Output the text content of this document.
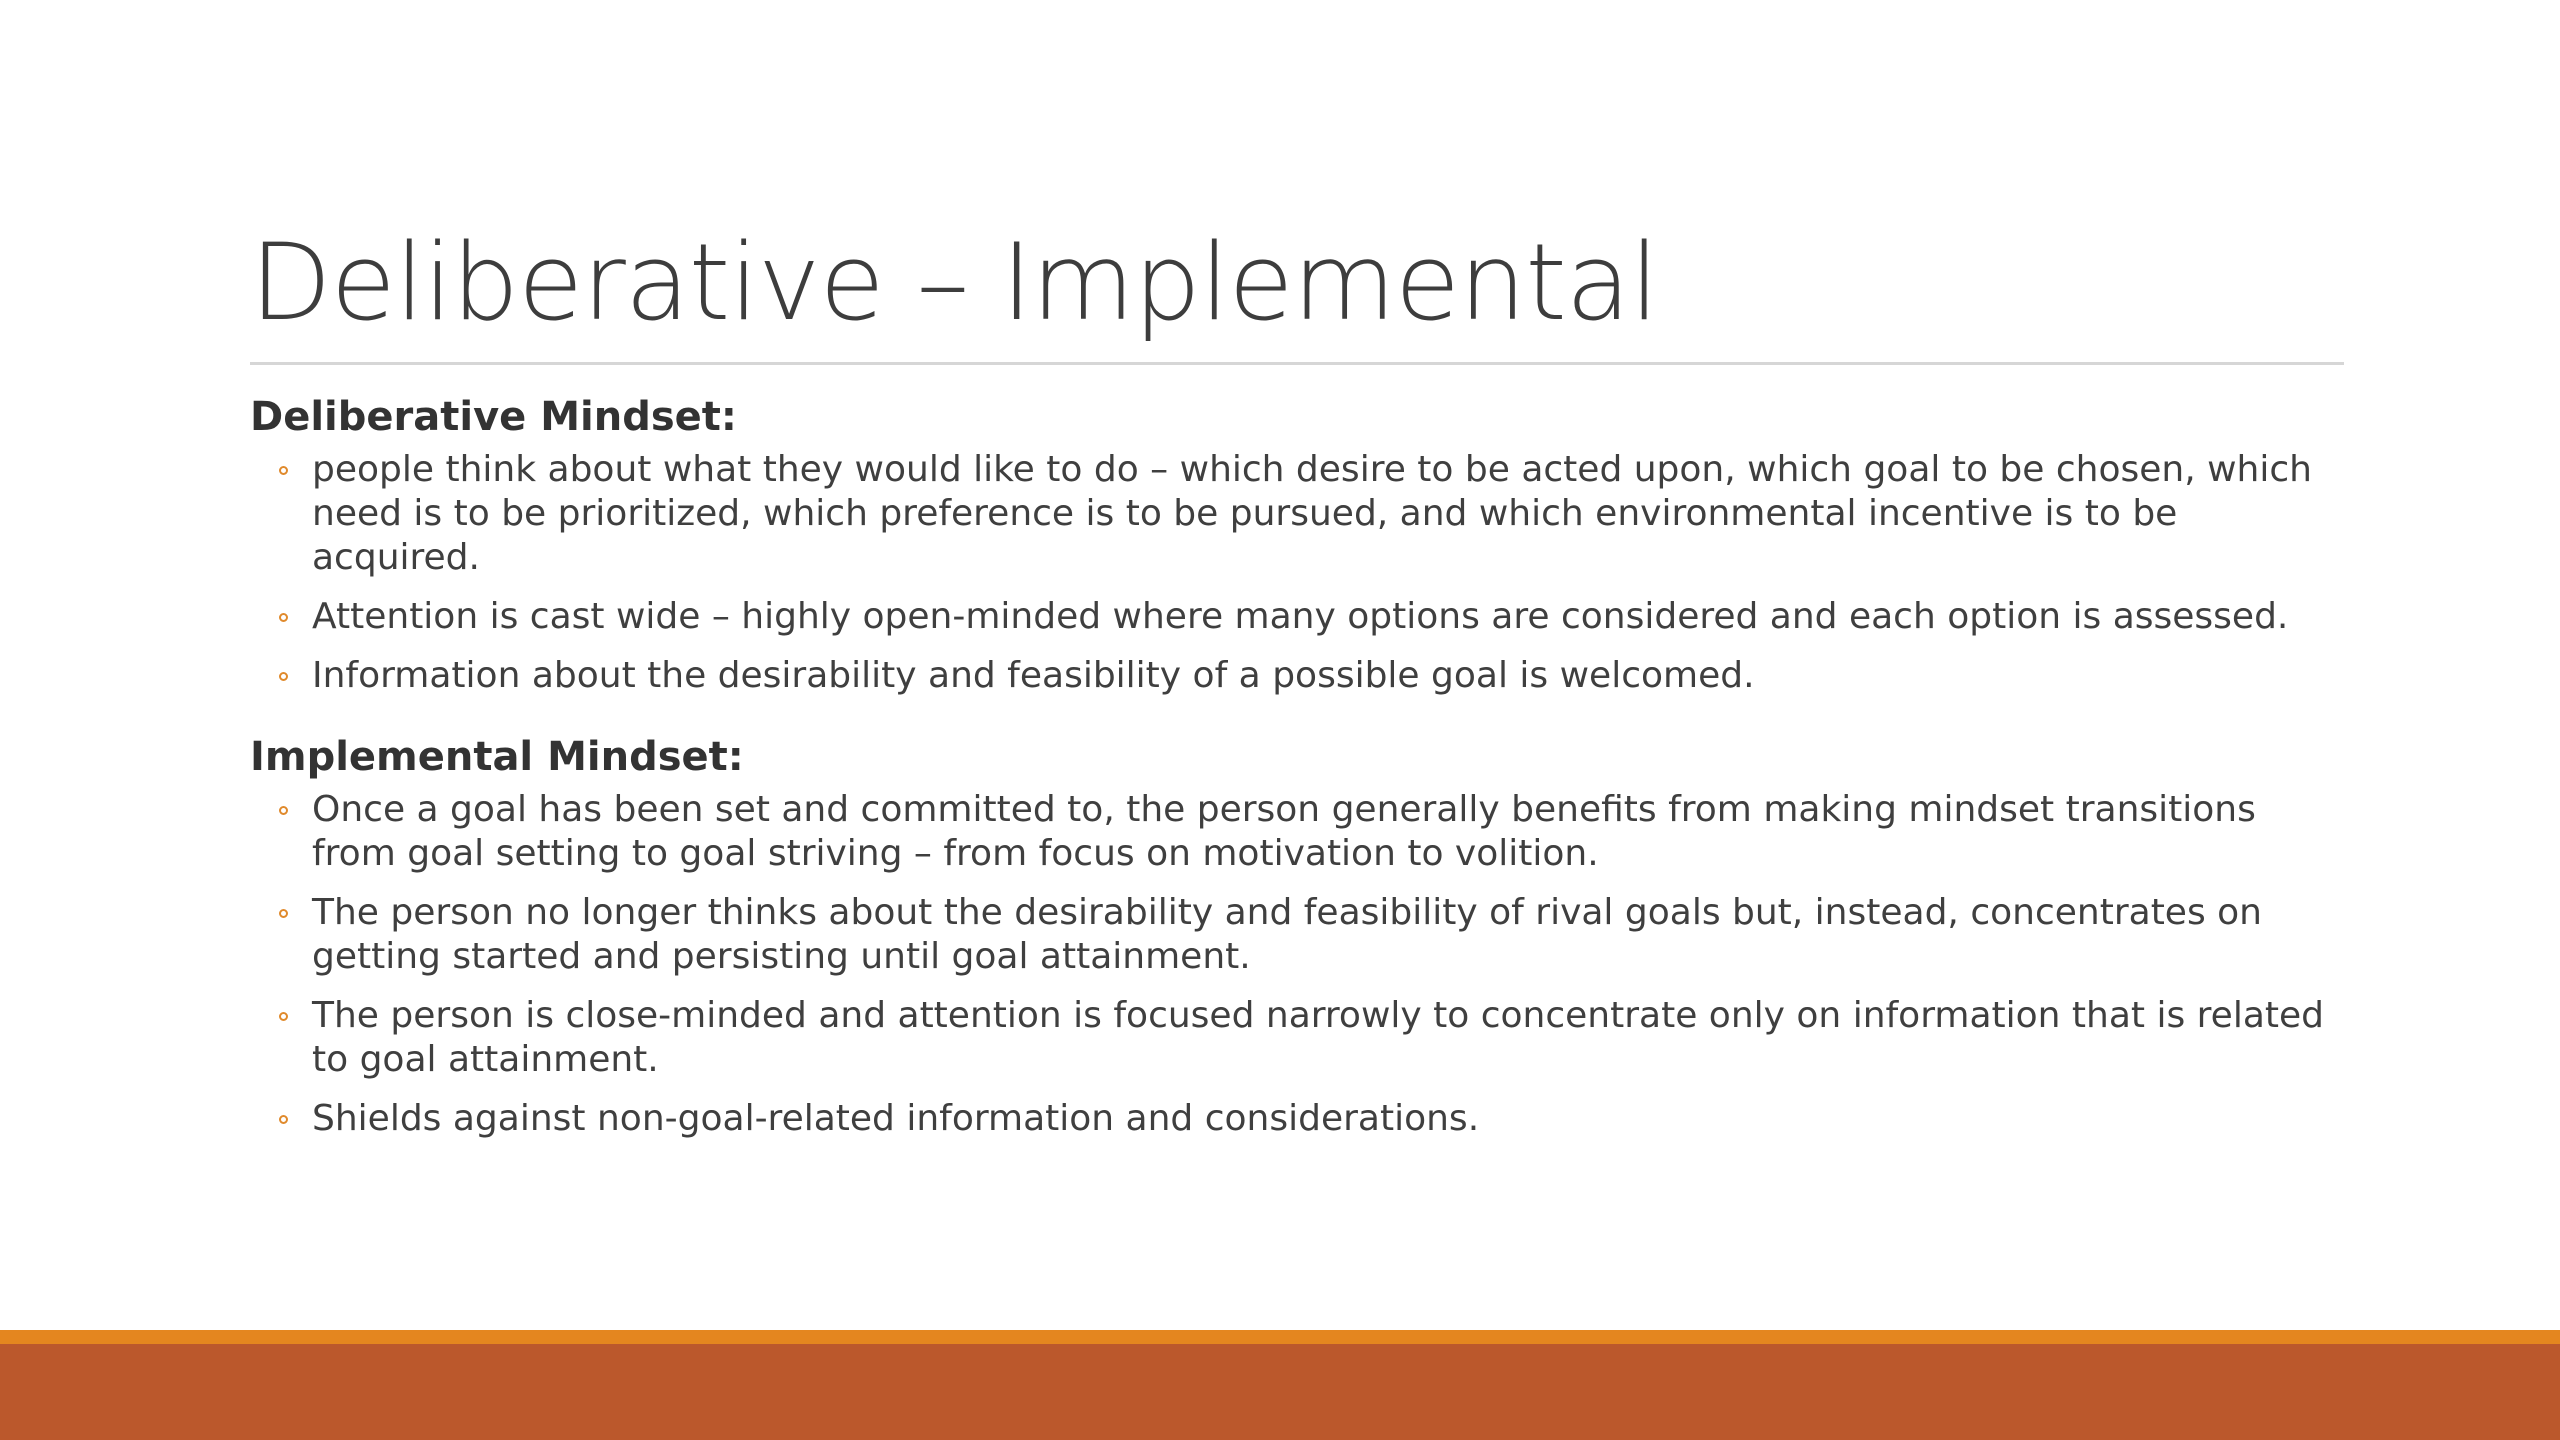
Deliberative – Implemental
Deliberative Mindset:
people think about what they would like to do – which desire to be acted upon, which goal to be chosen, which need is to be prioritized, which preference is to be pursued, and which environmental incentive is to be acquired.
Attention is cast wide – highly open-minded where many options are considered and each option is assessed.
Information about the desirability and feasibility of a possible goal is welcomed.
Implemental Mindset:
Once a goal has been set and committed to, the person generally benefits from making mindset transitions from goal setting to goal striving – from focus on motivation to volition.
The person no longer thinks about the desirability and feasibility of rival goals but, instead, concentrates on getting started and persisting until goal attainment.
The person is close-minded and attention is focused narrowly to concentrate only on information that is related to goal attainment.
Shields against non-goal-related information and considerations.
